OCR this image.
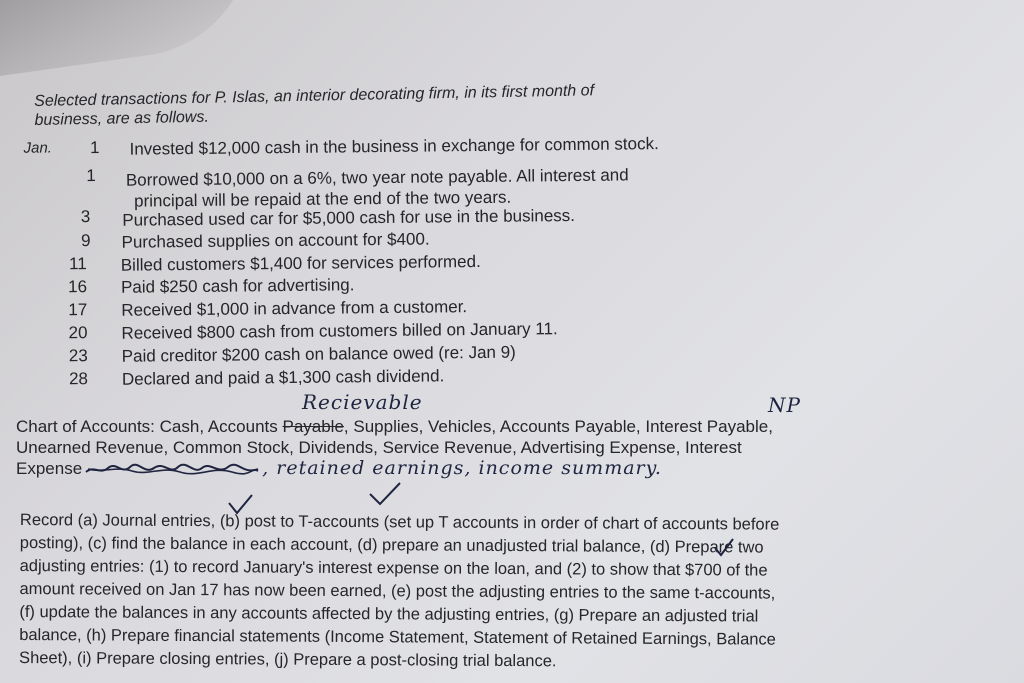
Selected transactions for P. Islas, an interior decorating firm, in its first month of
business, are as follows.
Jan.	1 Invested $12,000 cash in the business in exchange for common stock.
1 Borrowed $10,000 on a 6%, two year note payable. All interest and
principal will be repaid at the end of the two years.
3 Purchased used car for $5,000 cash for use in the business.
9 Purchased supplies on account for $400.
11 Billed customers $1,400 for services performed.
16 Paid $250 cash for advertising.
17 Received $1,000 in advance from a customer.
20 Received $800 cash from customers billed on January 11.
23 Paid creditor $200 cash on balance owed (re: Jan 9)
28 Declared and paid a $1,300 cash dividend.
Recievable	NP
Chart of Accounts: Cash, Accounts Payable, Supplies, Vehicles, Accounts Payable, Interest Payable,
Unearned Revenue, Common Stock, Dividends, Service Revenue, Advertising Expense, Interest
Expense	, retained earnings, income summary.
Record (a) Journal entries, (b) post to T-accounts (set up T accounts in order of chart of accounts before
posting), (c) find the balance in each account, (d) prepare an unadjusted trial balance, (d) Prepare two
adjusting entries: (1) to record January's interest expense on the loan, and (2) to show that $700 of the
amount received on Jan 17 has now been earned, (e) post the adjusting entries to the same t-accounts,
(f) update the balances in any accounts affected by the adjusting entries, (g) Prepare an adjusted trial
balance, (h) Prepare financial statements (Income Statement, Statement of Retained Earnings, Balance
Sheet), (i) Prepare closing entries, (j) Prepare a post-closing trial balance.
